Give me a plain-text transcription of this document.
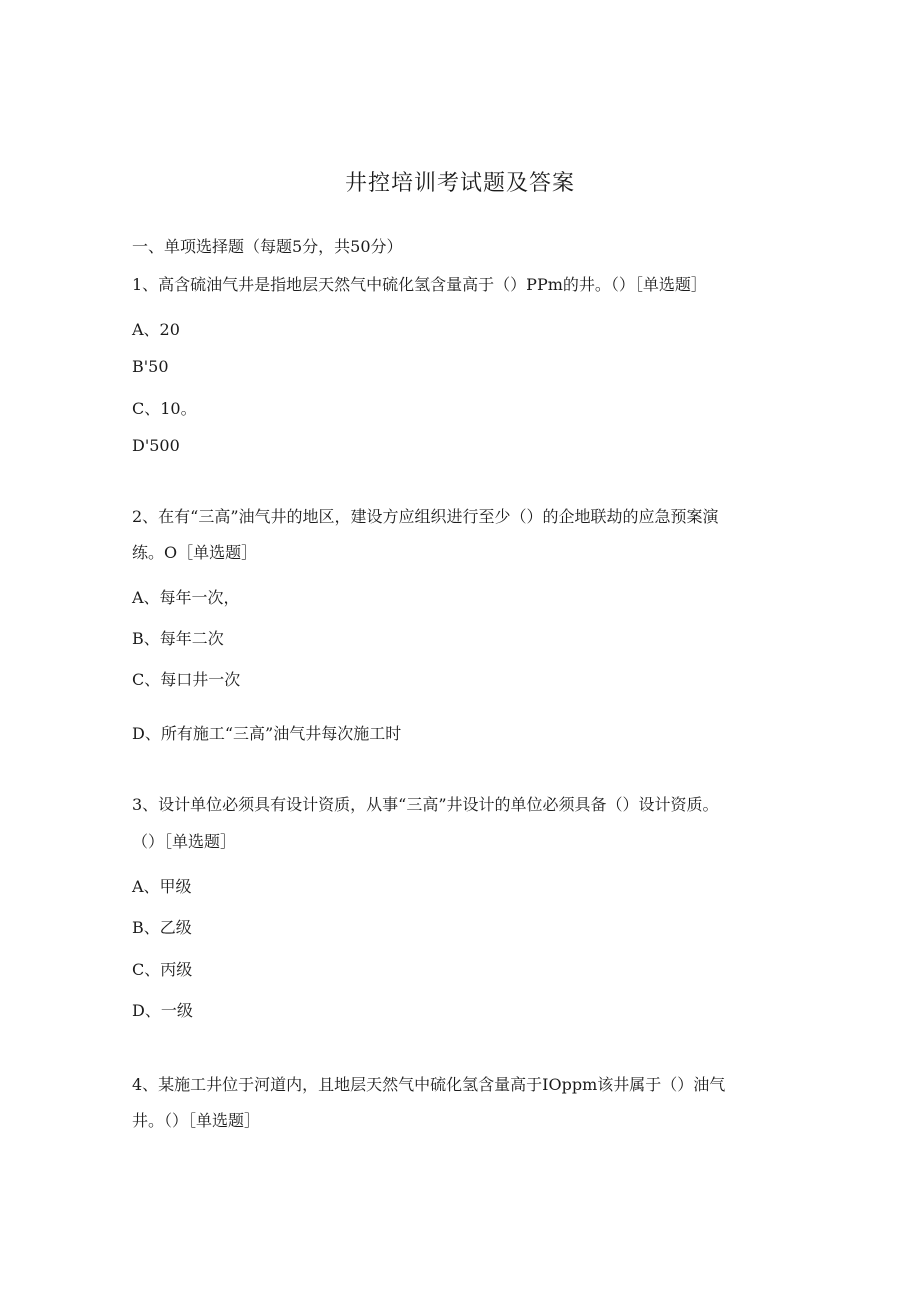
井控培训考试题及答案
一、单项选择题（每题5分，共50分）
1、高含硫油气井是指地层天然气中硫化氢含量高于（）PPm的井。（）［单选题］
A、20
B'50
C、10。
D'500
2、在有“三高”油气井的地区，建设方应组织进行至少（）的企地联劫的应急预案演
练。O［单选题］
A、每年一次，
B、每年二次
C、每口井一次
D、所有施工“三高”油气井每次施工时
3、设计单位必须具有设计资质，从事“三高”井设计的单位必须具备（）设计资质。
（）［单选题］
A、甲级
B、乙级
C、丙级
D、一级
4、某施工井位于河道内，且地层天然气中硫化氢含量高于IOppm该井属于（）油气
井。（）［单选题］
